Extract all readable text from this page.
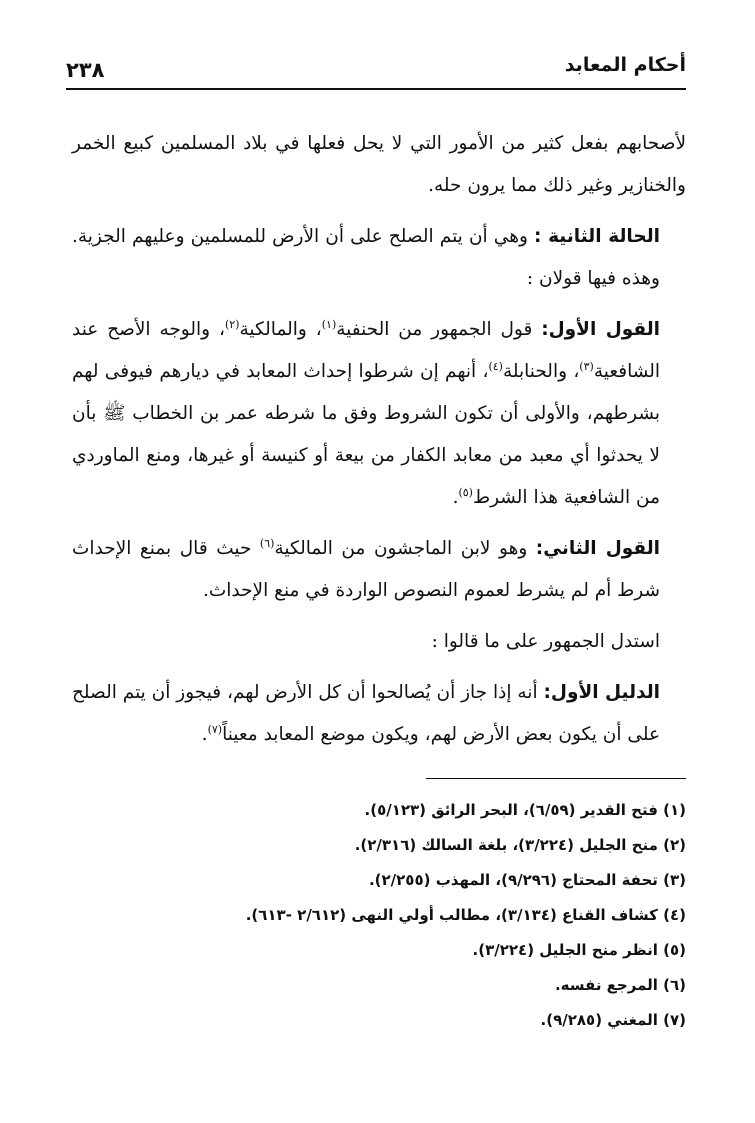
أحكام المعابد
٢٣٨

لأصحابهم بفعل كثير من الأمور التي لا يحل فعلها في بلاد المسلمين كبيع الخمر والخنازير وغير ذلك مما يرون حله.

الحالة الثانية : وهي أن يتم الصلح على أن الأرض للمسلمين وعليهم الجزية. وهذه فيها قولان :

القول الأول: قول الجمهور من الحنفية$^{(١)}$، والمالكية$^{(٢)}$، والوجه الأصح عند الشافعية$^{(٣)}$، والحنابلة$^{(٤)}$، أنهم إن شرطوا إحداث المعابد في ديارهم فيوفى لهم بشرطهم، والأولى أن تكون الشروط وفق ما شرطه عمر بن الخطاب ﷺ بأن لا يحدثوا أي معبد من معابد الكفار من بيعة أو كنيسة أو غيرها، ومنع الماوردي من الشافعية هذا الشرط$^{(٥)}$.

القول الثاني: وهو لابن الماجشون من المالكية$^{(٦)}$ حيث قال بمنع الإحداث شرط أم لم يشرط لعموم النصوص الواردة في منع الإحداث.

استدل الجمهور على ما قالوا :

الدليل الأول: أنه إذا جاز أن يُصالحوا أن كل الأرض لهم، فيجوز أن يتم الصلح على أن يكون بعض الأرض لهم، ويكون موضع المعابد معيناً$^{(٧)}$.

(١) فتح القدير (٦/٥٩)، البحر الرائق (٥/١٢٣).
(٢) منح الجليل (٣/٢٢٤)، بلغة السالك (٢/٣١٦).
(٣) تحفة المحتاج (٩/٢٩٦)، المهذب (٢/٢٥٥).
(٤) كشاف القناع (٣/١٣٤)، مطالب أولي النهى (٢/٦١٢ -٦١٣).
(٥) انظر منح الجليل (٣/٢٢٤).
(٦) المرجع نفسه.
(٧) المغني (٩/٢٨٥).
